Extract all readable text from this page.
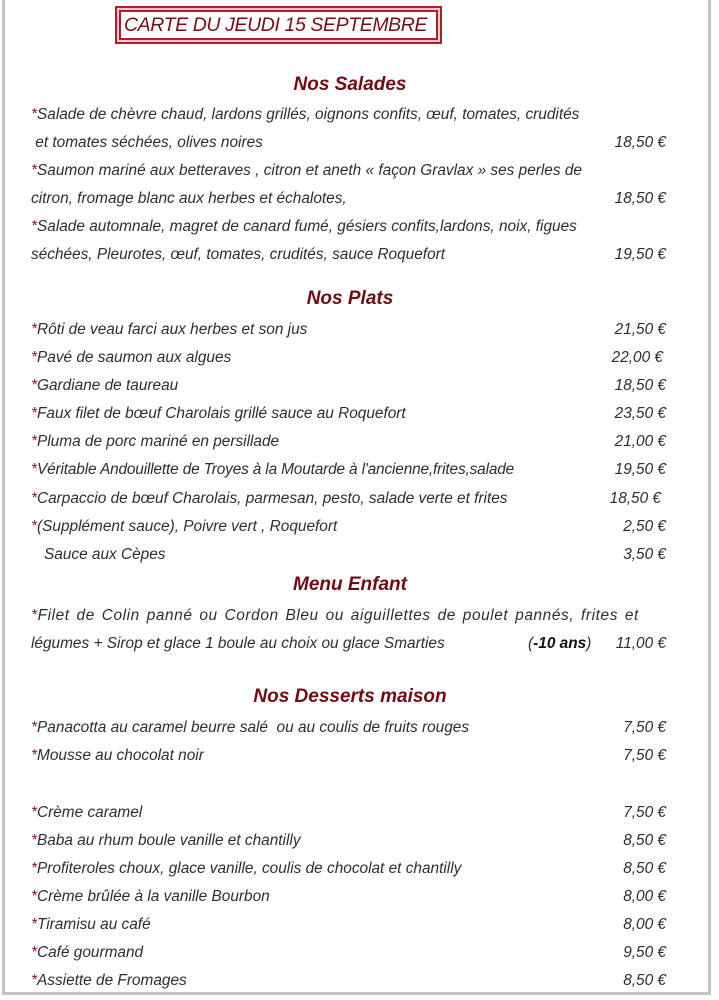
CARTE DU JEUDI 15 SEPTEMBRE
Nos Salades
*Salade de chèvre chaud, lardons grillés, oignons confits, œuf, tomates, crudités
et tomates séchées, olives noires	18,50 €
*Saumon mariné aux betteraves , citron et aneth « façon Gravlax » ses perles de
citron, fromage blanc aux herbes et échalotes,	18,50 €
*Salade automnale, magret de canard fumé, gésiers confits,lardons, noix, figues
séchées, Pleurotes, œuf, tomates, crudités, sauce Roquefort	19,50 €
Nos Plats
*Rôti de veau farci aux herbes et son jus	21,50 €
*Pavé de saumon aux algues	22,00 €
*Gardiane de taureau	18,50 €
*Faux filet de bœuf Charolais grillé sauce au Roquefort	23,50 €
*Pluma de porc mariné en persillade	21,00 €
*Véritable Andouillette de Troyes à la Moutarde à l'ancienne,frites,salade	19,50 €
*Carpaccio de bœuf Charolais, parmesan, pesto, salade verte et frites	18,50 €
*(Supplément sauce), Poivre vert , Roquefort	2,50 €
Sauce aux Cèpes	3,50 €
Menu Enfant
*Filet de Colin panné ou Cordon Bleu ou aiguillettes de poulet pannés, frites et
légumes + Sirop et glace 1 boule au choix ou glace Smarties	(-10 ans) 11,00 €
Nos Desserts maison
*Panacotta au caramel beurre salé  ou au coulis de fruits rouges	7,50 €
*Mousse au chocolat noir	7,50 €
*Crème caramel	7,50 €
*Baba au rhum boule vanille et chantilly	8,50 €
*Profiteroles choux, glace vanille, coulis de chocolat et chantilly	8,50 €
*Crème brûlée à la vanille Bourbon	8,00 €
*Tiramisu au café	8,00 €
*Café gourmand	9,50 €
*Assiette de Fromages	8,50 €
